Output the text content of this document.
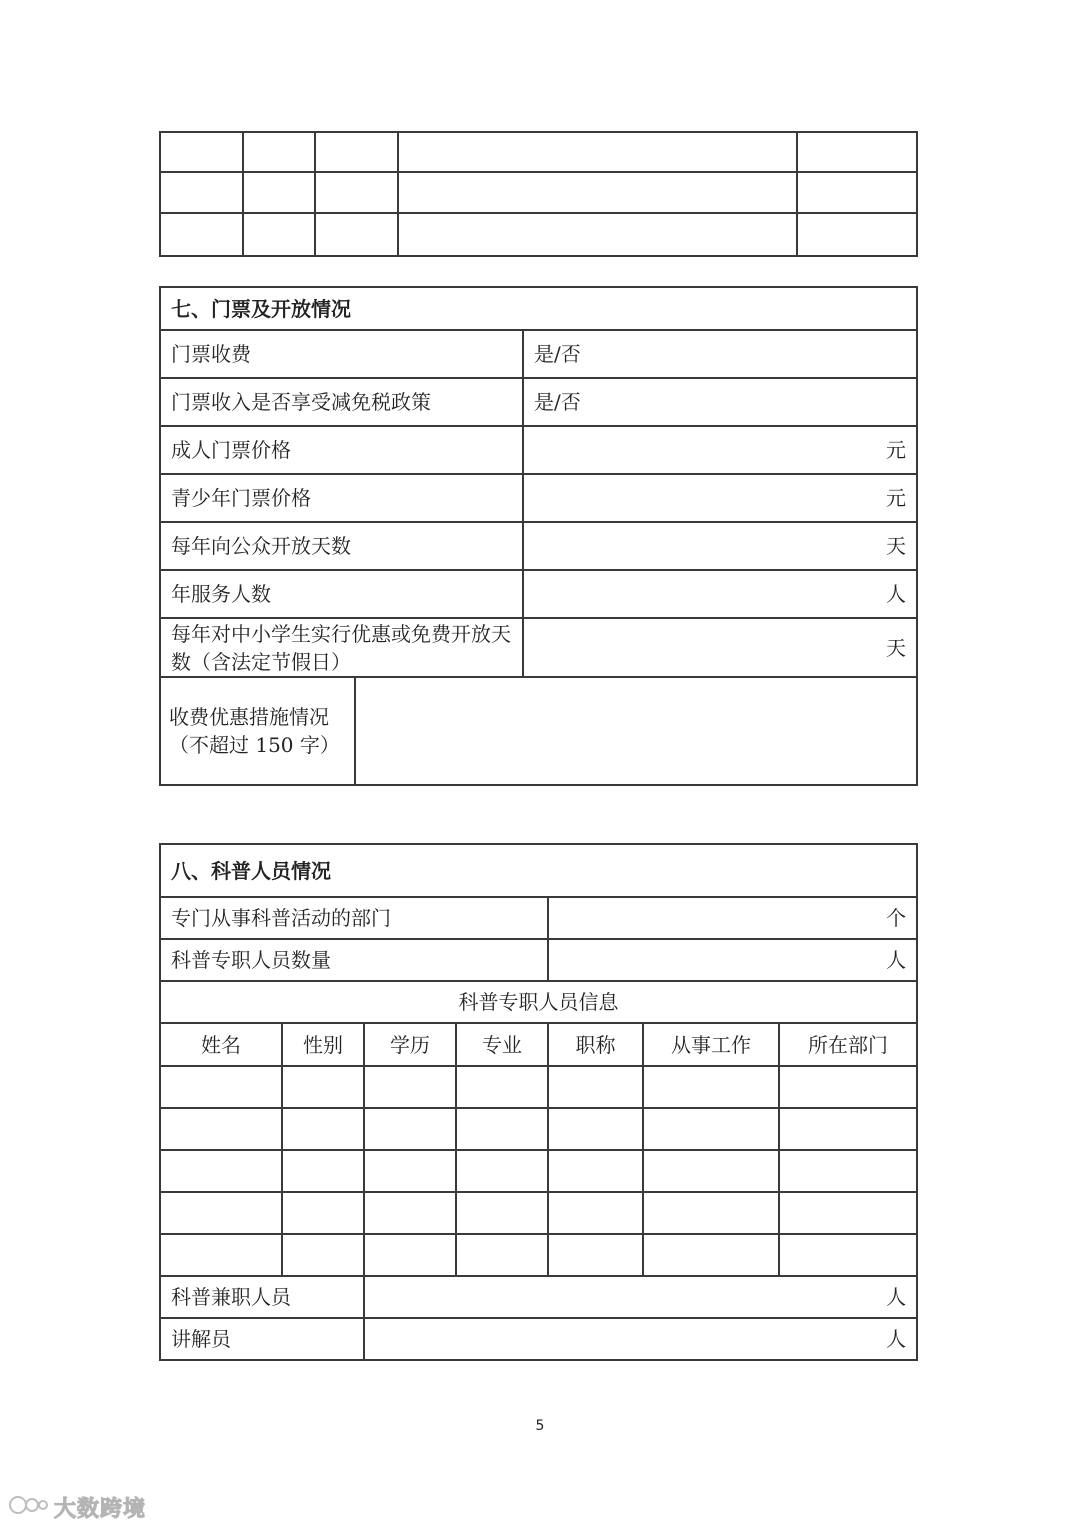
七、门票及开放情况		
门票收费		是/否
门票收入是否享受减免税政策		是/否
成人门票价格		元
青少年门票价格		元
每年向公众开放天数		天
年服务人数		人
每年对中小学生实行优惠或免费开放天数（含法定节假日）		天

收费优惠措施情况
（不超过 150 字）		

八、科普人员情况						
专门从事科普活动的部门				个		
科普专职人员数量				人		
科普专职人员信息						
姓名	性别	学历	专业	职称	从事工作	所在部门

科普兼职人员		人				
讲解员		人				
5
大数跨境
